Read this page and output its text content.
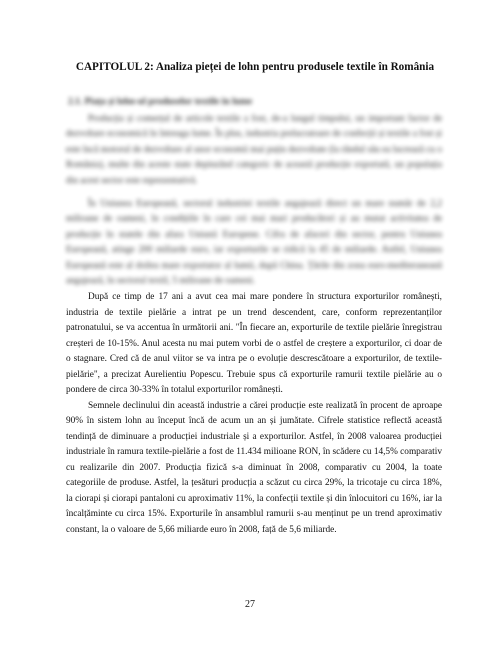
CAPITOLUL 2: Analiza pieței de lohn pentru produsele textile în România
2.1. Piața și lohn-ul produselor textile în lume

Producția și comerțul de articole textile a fost, de-a lungul timpului, un important factor de dezvoltare economică în întreaga lume. În plus, industria prelucratoare de confecții și textile a fost și este încă motorul de dezvoltare al unor economii mai puțin dezvoltate (la rândul său ea lucrează cu o România), multe din aceste state depinzând categoric de această producție exportată, un populația din acest sector este reprezentativă.

În Uniunea Europeană, sectorul industriei textile angajează direct un mare număr de 2,2 milioane de oameni, în condițiile în care cei mai mari producători și au mutat activitatea de producție în statele din afara Uniunii Europene. Cifra de afaceri din sector, pentru Uniunea Europeană, atinge 200 miliarde euro, iar exporturile se ridică la 45 de miliarde. Astfel, Uniunea Europeană este al doilea mare exportator al lumii, după China. Țările din zona euro-mediteraneană angajează, în sectorul textil, 5 milioane de oameni.

După ce timp de 17 ani a avut cea mai mare pondere în structura exporturilor românești, industria de textile pielărie a intrat pe un trend descendent, care, conform reprezentanților patronatului, se va accentua în următorii ani. "În fiecare an, exporturile de textile pielărie înregistrau creșteri de 10-15%. Anul acesta nu mai putem vorbi de o astfel de creștere a exporturilor, ci doar de o stagnare. Cred că de anul viitor se va intra pe o evoluție descrescătoare a exporturilor, de textile-pielărie", a precizat Aurelientiu Popescu. Trebuie spus că exporturile ramurii textile pielărie au o pondere de circa 30-33% în totalul exporturilor românești.

Semnele declinului din această industrie a cărei producție este realizată în procent de aproape 90% în sistem lohn au început încă de acum un an și jumătate. Cifrele statistice reflectă această tendință de diminuare a producției industriale și a exporturilor. Astfel, în 2008 valoarea producției industriale în ramura textile-pielărie a fost de 11.434 milioane RON, în scădere cu 14,5% comparativ cu realizarile din 2007. Producția fizică s-a diminuat în 2008, comparativ cu 2004, la toate categoriile de produse. Astfel, la țesături producția a scăzut cu circa 29%, la tricotaje cu circa 18%, la ciorapi și ciorapi pantaloni cu aproximativ 11%, la confecții textile și din înlocuitori cu 16%, iar la încalțăminte cu circa 15%. Exporturile în ansamblul ramurii s-au menținut pe un trend aproximativ constant, la o valoare de 5,66 miliarde euro în 2008, față de 5,6 miliarde.

27
